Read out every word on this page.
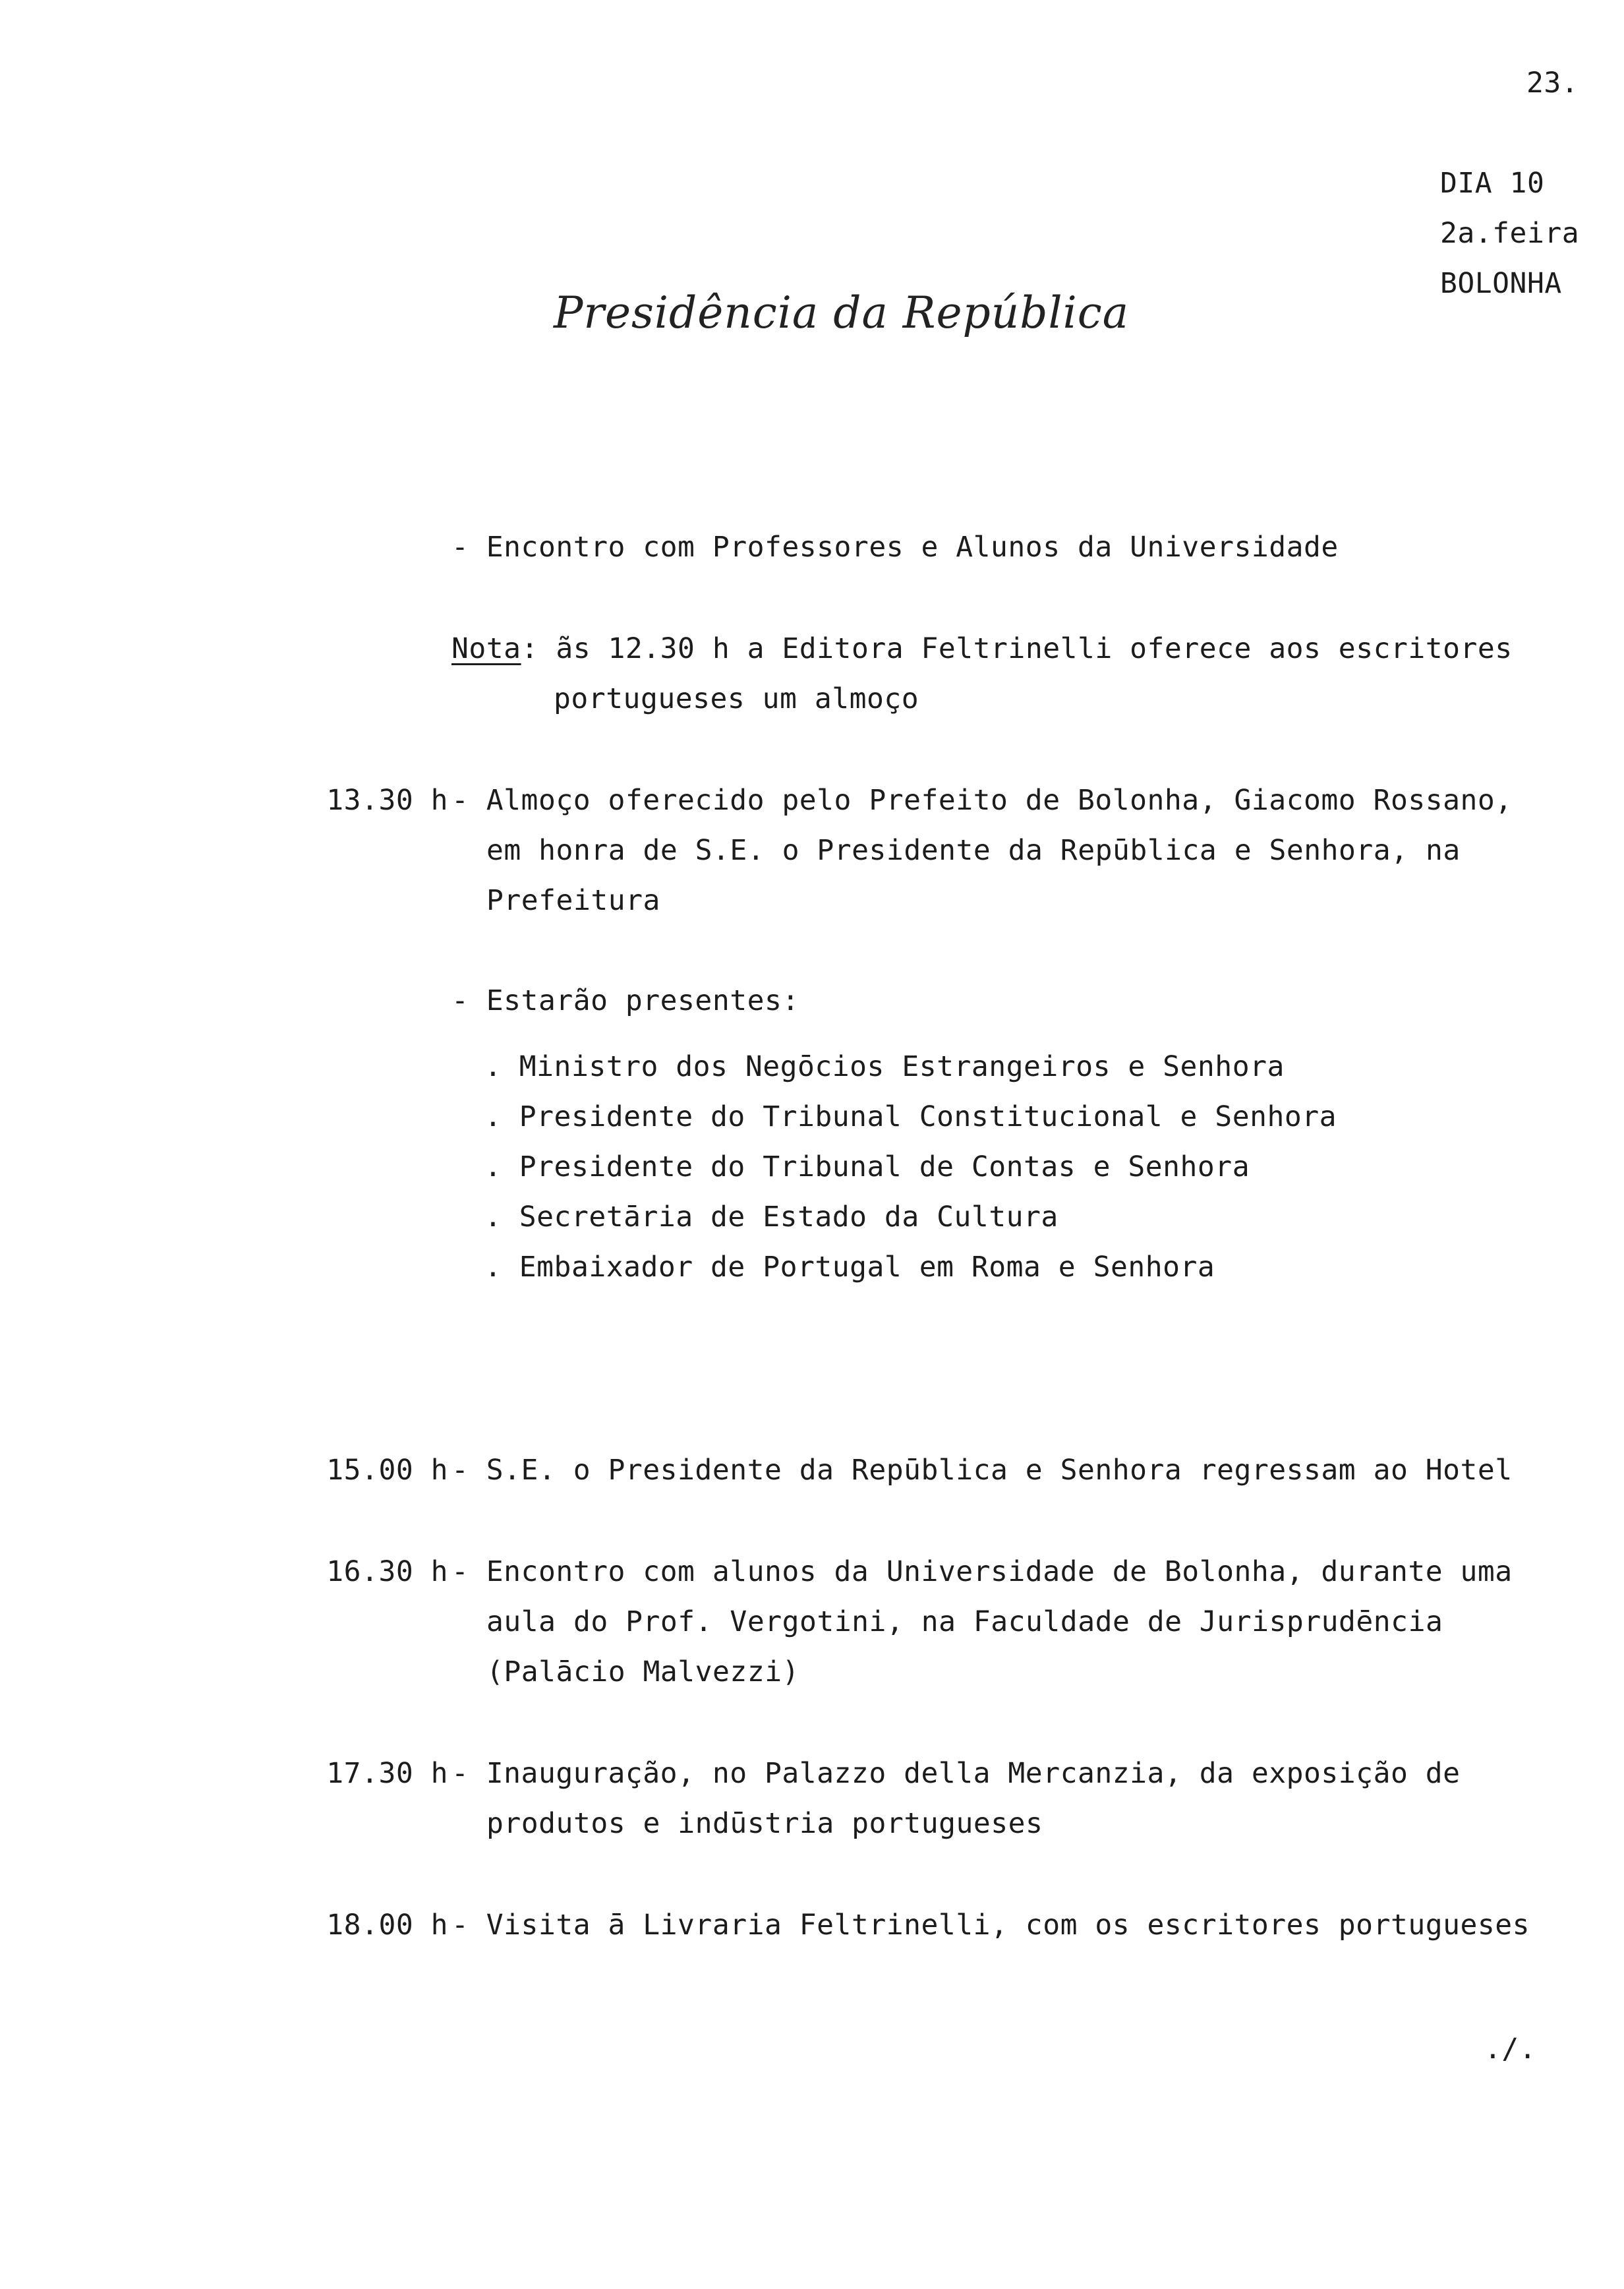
23.
DIA 10
2a.feira
BOLONHA
Presidência da República
- Encontro com Professores e Alunos da Universidade
Nota: ãs 12.30 h a Editora Feltrinelli oferece aos escritores
portugueses um almoço
13.30 h - Almoço oferecido pelo Prefeito de Bolonha, Giacomo Rossano,
em honra de S.E. o Presidente da Repūblica e Senhora, na
Prefeitura
- Estarão presentes:
. Ministro dos Negōcios Estrangeiros e Senhora
. Presidente do Tribunal Constitucional e Senhora
. Presidente do Tribunal de Contas e Senhora
. Secretāria de Estado da Cultura
. Embaixador de Portugal em Roma e Senhora
15.00 h - S.E. o Presidente da Repūblica e Senhora regressam ao Hotel
16.30 h - Encontro com alunos da Universidade de Bolonha, durante uma
aula do Prof. Vergotini, na Faculdade de Jurisprudēncia
(Palācio Malvezzi)
17.30 h - Inauguração, no Palazzo della Mercanzia, da exposição de
produtos e indūstria portugueses
18.00 h - Visita ā Livraria Feltrinelli, com os escritores portugueses
./.
